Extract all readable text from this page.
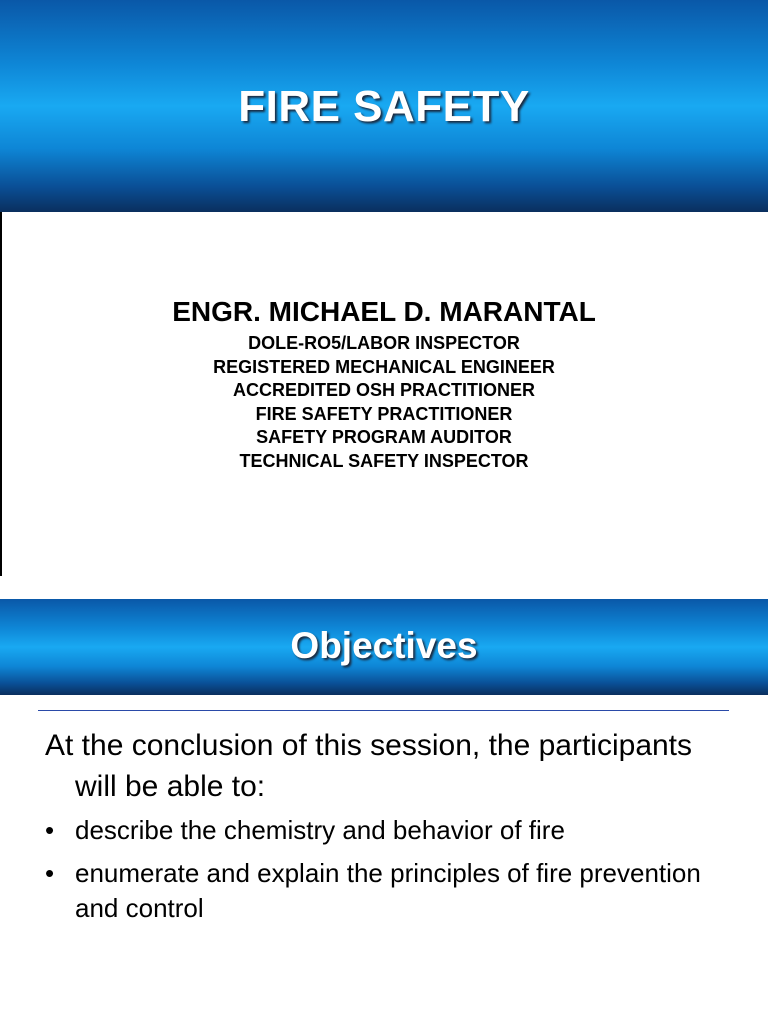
FIRE SAFETY
ENGR. MICHAEL D. MARANTAL
DOLE-RO5/LABOR INSPECTOR
REGISTERED MECHANICAL ENGINEER
ACCREDITED OSH PRACTITIONER
FIRE SAFETY PRACTITIONER
SAFETY PROGRAM AUDITOR
TECHNICAL SAFETY INSPECTOR
Objectives

At the conclusion of this session, the participants will be able to:

• describe the chemistry and behavior of fire
• enumerate and explain the principles of fire prevention and control
